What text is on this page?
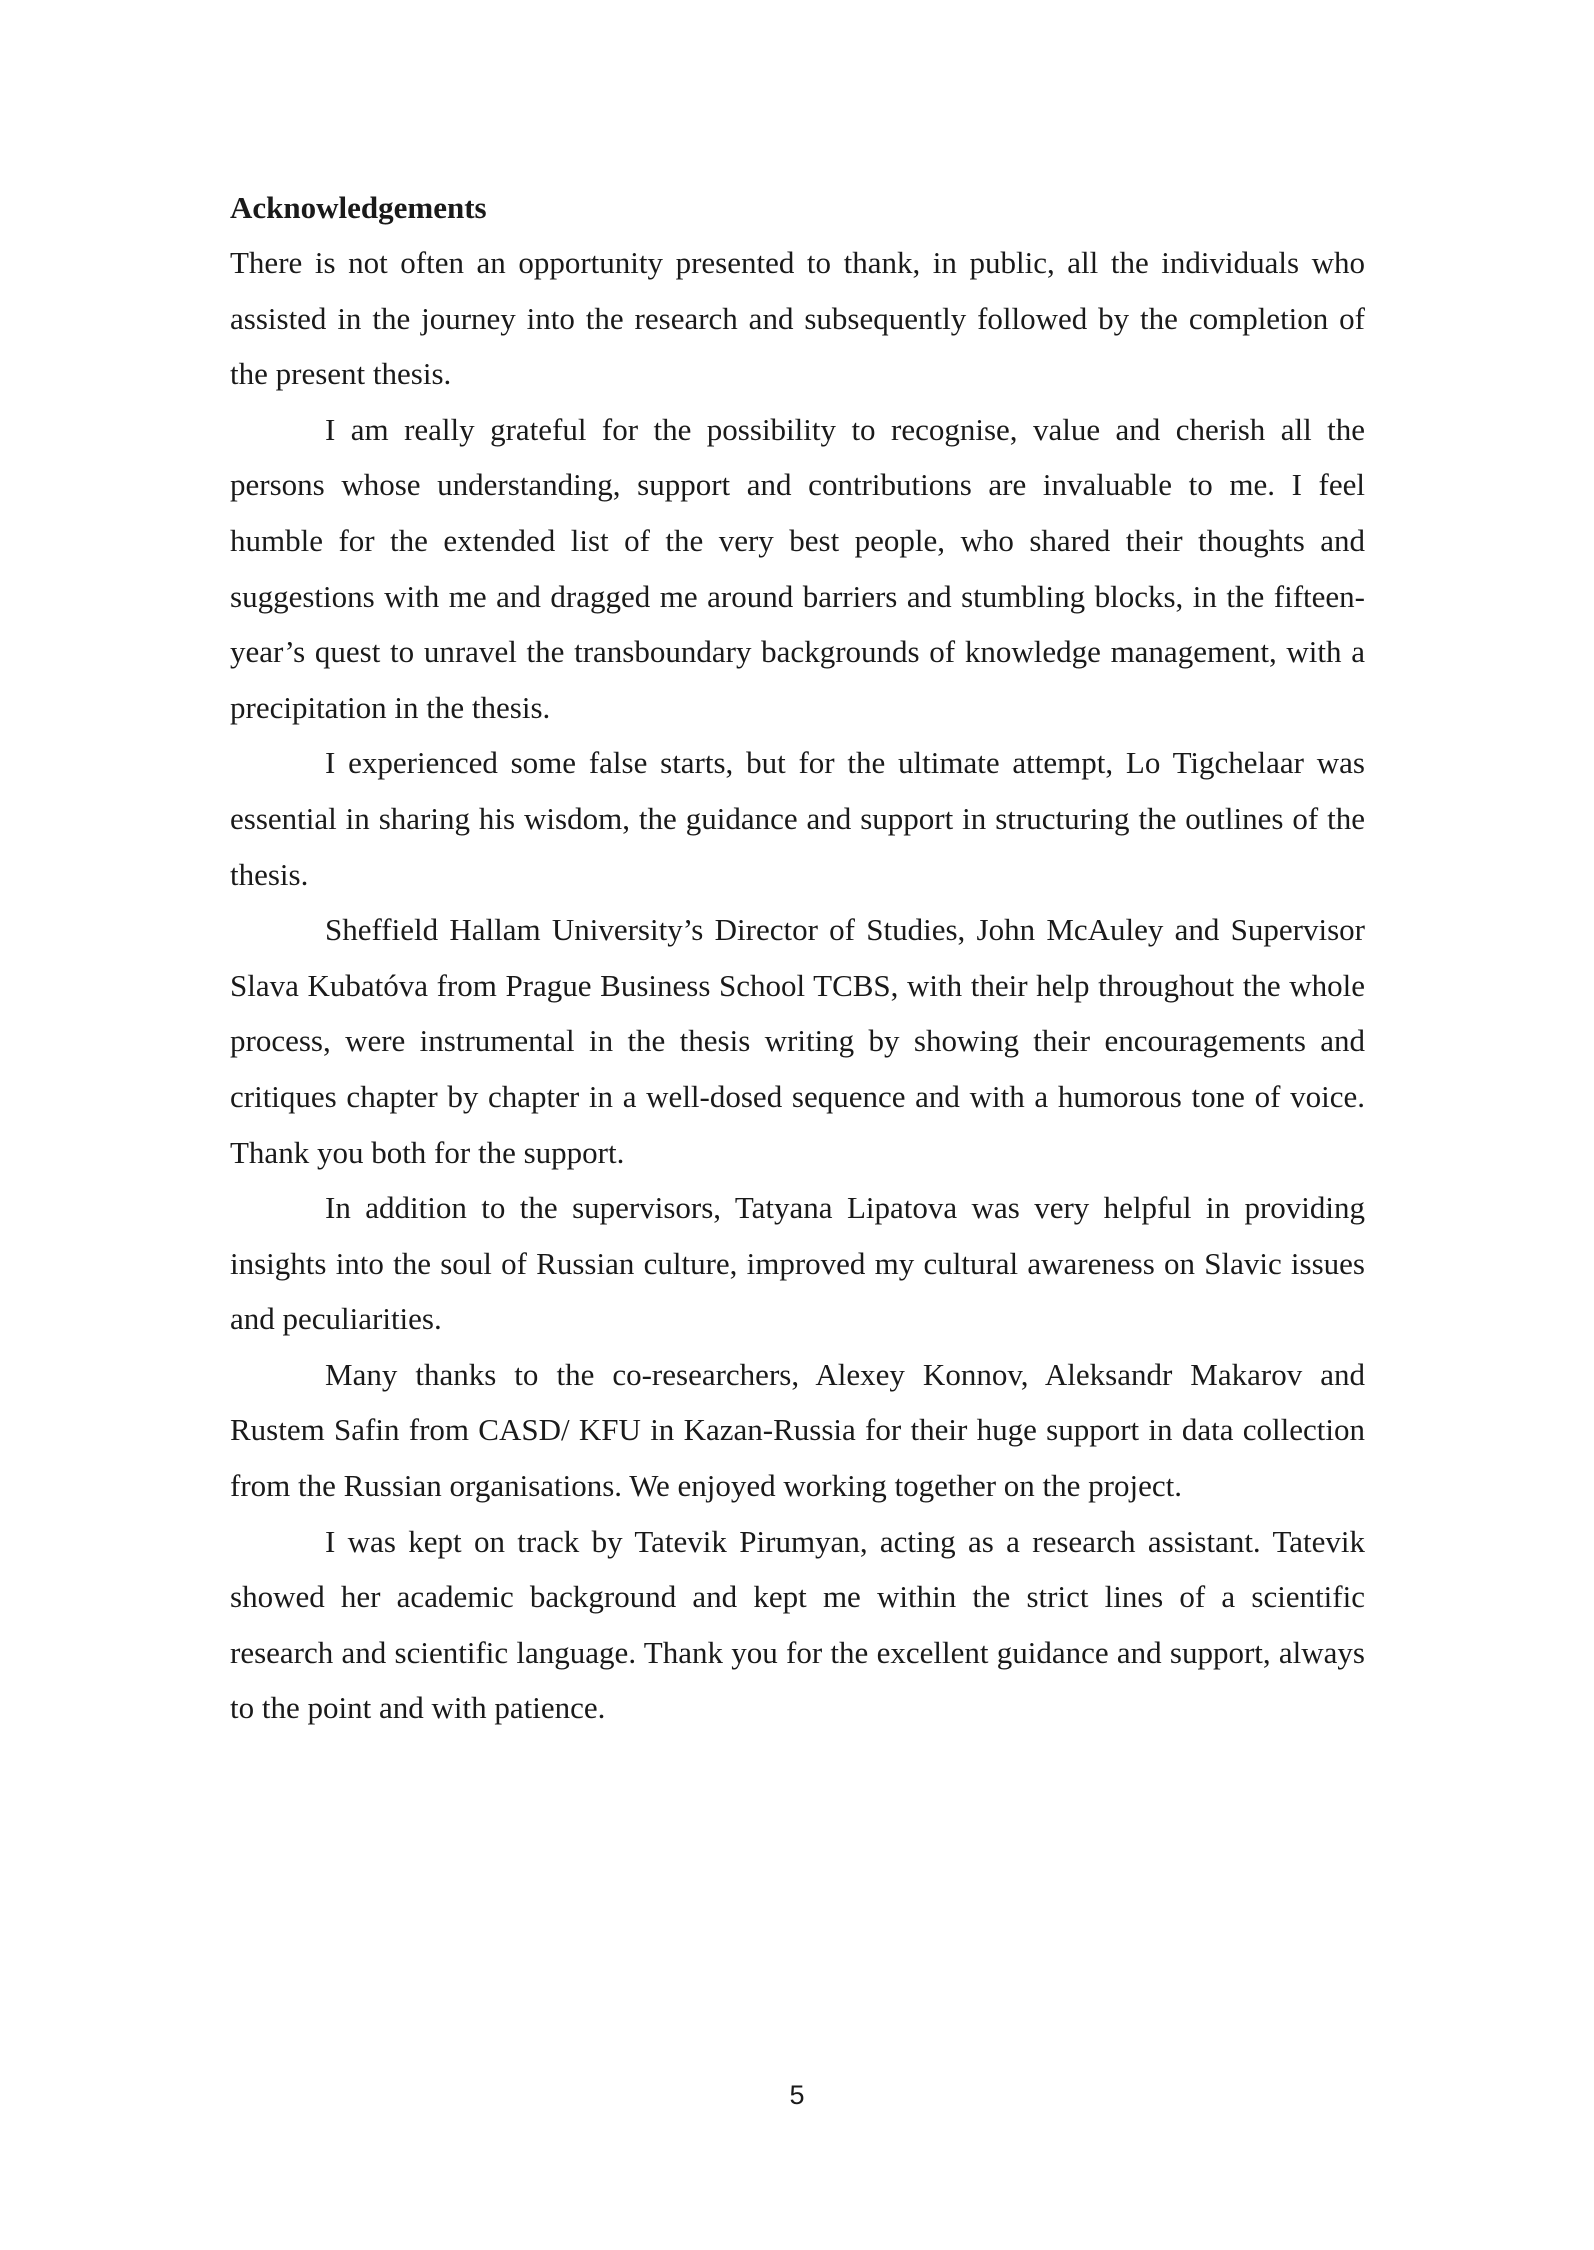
Acknowledgements

There is not often an opportunity presented to thank, in public, all the individuals who assisted in the journey into the research and subsequently followed by the completion of the present thesis.

I am really grateful for the possibility to recognise, value and cherish all the persons whose understanding, support and contributions are invaluable to me. I feel humble for the extended list of the very best people, who shared their thoughts and suggestions with me and dragged me around barriers and stumbling blocks, in the fifteen-year’s quest to unravel the transboundary backgrounds of knowledge management, with a precipitation in the thesis.

I experienced some false starts, but for the ultimate attempt, Lo Tigchelaar was essential in sharing his wisdom, the guidance and support in structuring the outlines of the thesis.

Sheffield Hallam University’s Director of Studies, John McAuley and Supervisor Slava Kubatóva from Prague Business School TCBS, with their help throughout the whole process, were instrumental in the thesis writing by showing their encouragements and critiques chapter by chapter in a well-dosed sequence and with a humorous tone of voice. Thank you both for the support.

In addition to the supervisors, Tatyana Lipatova was very helpful in providing insights into the soul of Russian culture, improved my cultural awareness on Slavic issues and peculiarities.

Many thanks to the co-researchers, Alexey Konnov, Aleksandr Makarov and Rustem Safin from CASD/ KFU in Kazan-Russia for their huge support in data collection from the Russian organisations. We enjoyed working together on the project.

I was kept on track by Tatevik Pirumyan, acting as a research assistant. Tatevik showed her academic background and kept me within the strict lines of a scientific research and scientific language. Thank you for the excellent guidance and support, always to the point and with patience.

5
